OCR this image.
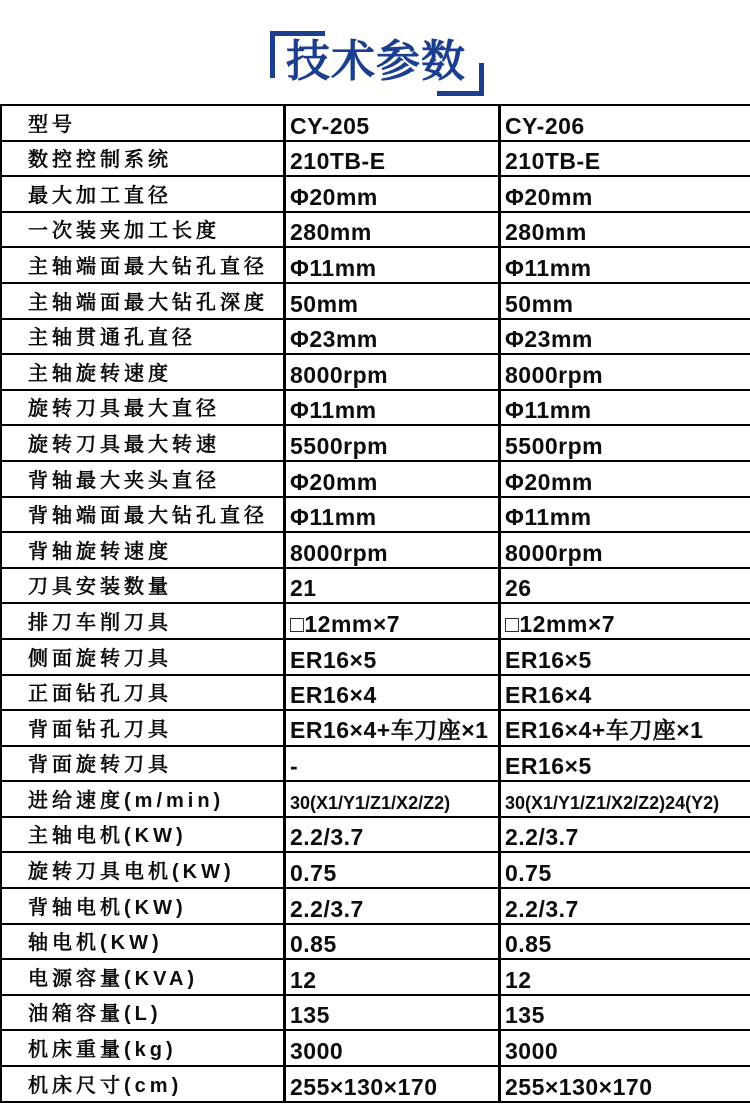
技术参数
型号	CY-205	CY-206
数控控制系统	210TB-E	210TB-E
最大加工直径	Φ20mm	Φ20mm
一次装夹加工长度	280mm	280mm
主轴端面最大钻孔直径 Φ11mm	Φ11mm
主轴端面最大钻孔深度 50mm	50mm
主轴贯通孔直径	Φ23mm	Φ23mm
主轴旋转速度	8000rpm	8000rpm
旋转刀具最大直径	Φ11mm	Φ11mm
旋转刀具最大转速	5500rpm	5500rpm
背轴最大夹头直径	Φ20mm	Φ20mm
背轴端面最大钻孔直径 Φ11mm	Φ11mm
背轴旋转速度	8000rpm	8000rpm
刀具安装数量	21	26
排刀车削刀具	□12mm×7	□12mm×7
侧面旋转刀具	ER16×5	ER16×5
正面钻孔刀具	ER16×4	ER16×4
背面钻孔刀具	ER16×4+车刀座×1 ER16×4+车刀座×1
背面旋转刀具	-	ER16×5
进给速度(m/min)	30(X1/Y1/Z1/X2/Z2)	30(X1/Y1/Z1/X2/Z2)24(Y2)
主轴电机(KW)	2.2/3.7	2.2/3.7
旋转刀具电机(KW)	0.75	0.75
背轴电机(KW)	2.2/3.7	2.2/3.7
轴电机(KW)	0.85	0.85
电源容量(KVA)	12	12
油箱容量(L)	135	135
机床重量(kg)	3000	3000
机床尺寸(cm)	255×130×170	255×130×170
